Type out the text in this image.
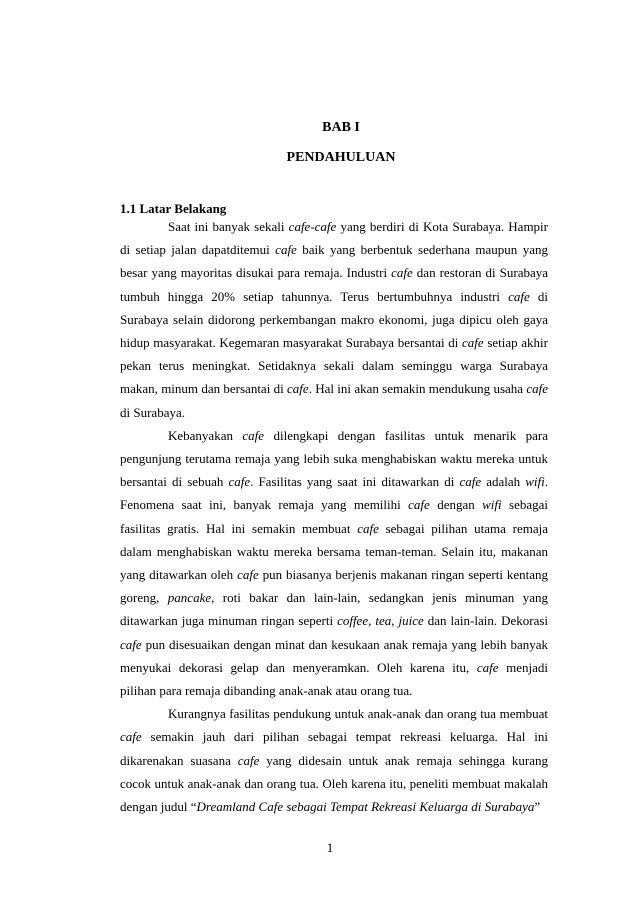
BAB I
PENDAHULUAN
1.1 Latar Belakang

Saat ini banyak sekali cafe-cafe yang berdiri di Kota Surabaya. Hampir di setiap jalan dapatditemui cafe baik yang berbentuk sederhana maupun yang besar yang mayoritas disukai para remaja. Industri cafe dan restoran di Surabaya tumbuh hingga 20% setiap tahunnya. Terus bertumbuhnya industri cafe di Surabaya selain didorong perkembangan makro ekonomi, juga dipicu oleh gaya hidup masyarakat. Kegemaran masyarakat Surabaya bersantai di cafe setiap akhir pekan terus meningkat. Setidaknya sekali dalam seminggu warga Surabaya makan, minum dan bersantai di cafe. Hal ini akan semakin mendukung usaha cafe di Surabaya.

Kebanyakan cafe dilengkapi dengan fasilitas untuk menarik para pengunjung terutama remaja yang lebih suka menghabiskan waktu mereka untuk bersantai di sebuah cafe. Fasilitas yang saat ini ditawarkan di cafe adalah wifi. Fenomena saat ini, banyak remaja yang memilihi cafe dengan wifi sebagai fasilitas gratis. Hal ini semakin membuat cafe sebagai pilihan utama remaja dalam menghabiskan waktu mereka bersama teman-teman. Selain itu, makanan yang ditawarkan oleh cafe pun biasanya berjenis makanan ringan seperti kentang goreng, pancake, roti bakar dan lain-lain, sedangkan jenis minuman yang ditawarkan juga minuman ringan seperti coffee, tea, juice dan lain-lain. Dekorasi cafe pun disesuaikan dengan minat dan kesukaan anak remaja yang lebih banyak menyukai dekorasi gelap dan menyeramkan. Oleh karena itu, cafe menjadi pilihan para remaja dibanding anak-anak atau orang tua.

Kurangnya fasilitas pendukung untuk anak-anak dan orang tua membuat cafe semakin jauh dari pilihan sebagai tempat rekreasi keluarga. Hal ini dikarenakan suasana cafe yang didesain untuk anak remaja sehingga kurang cocok untuk anak-anak dan orang tua. Oleh karena itu, peneliti membuat makalah dengan judul “Dreamland Cafe sebagai Tempat Rekreasi Keluarga di Surabaya”

1
